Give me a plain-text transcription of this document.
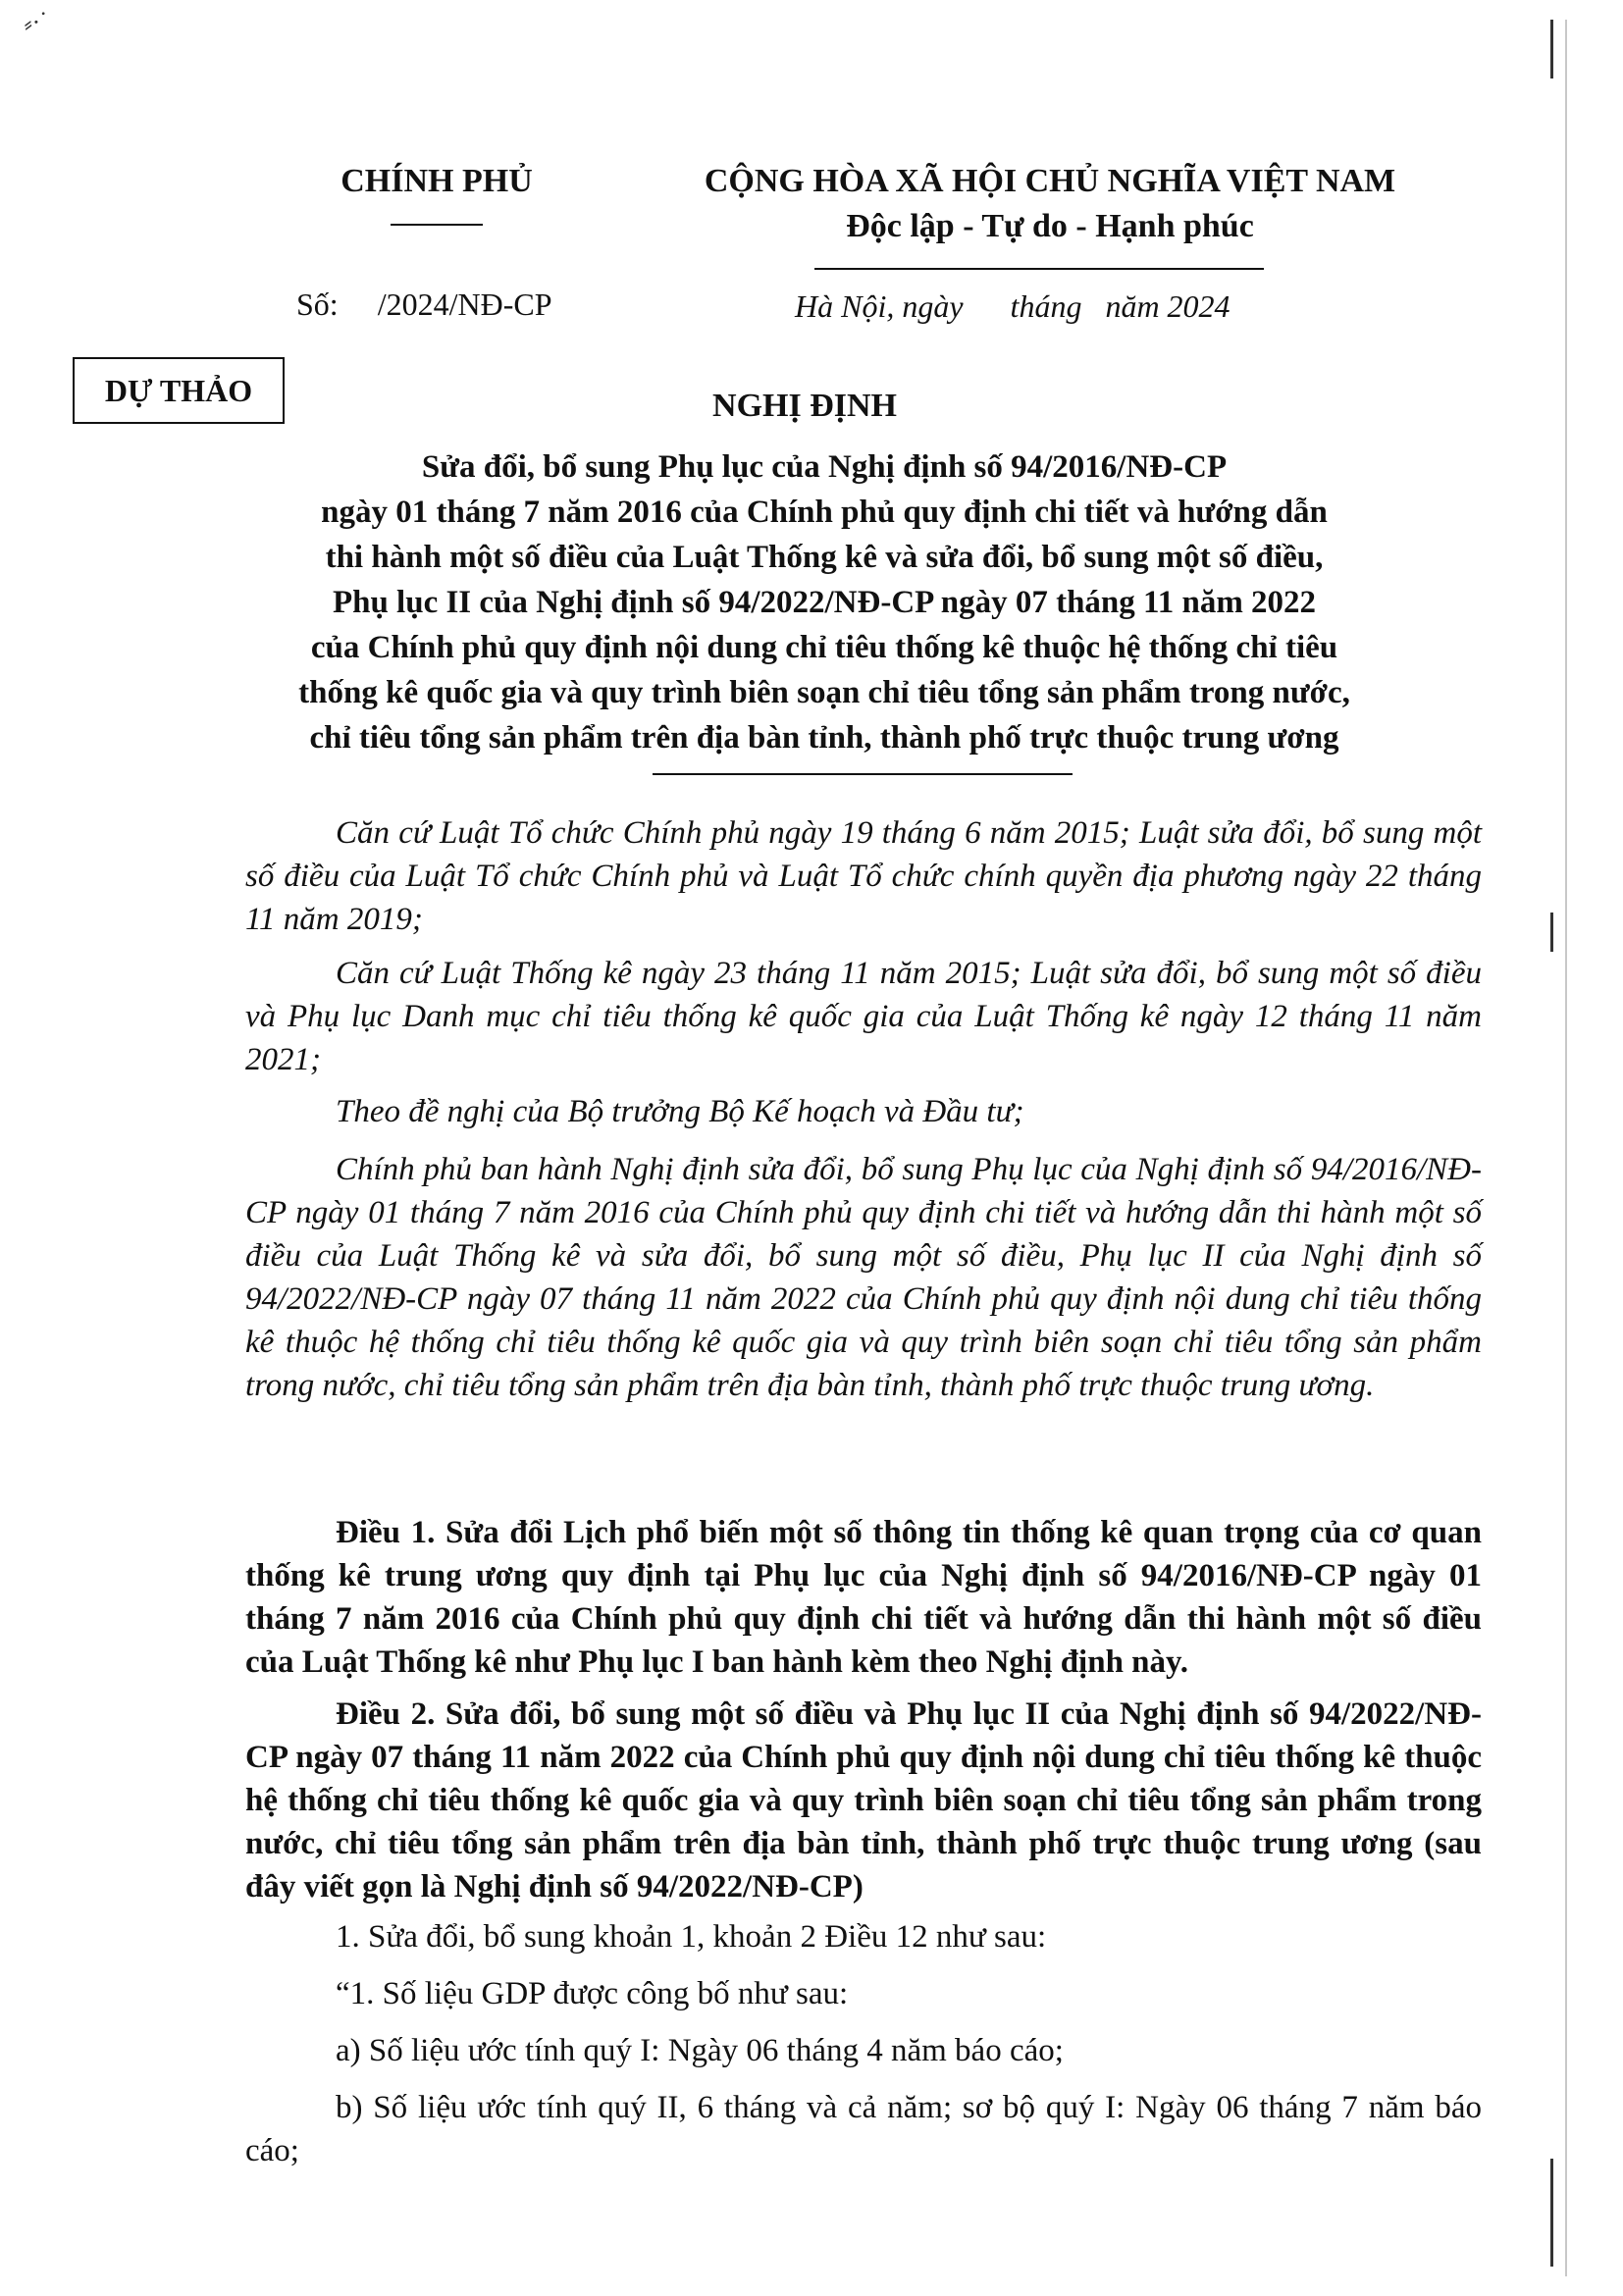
⸗·˙
CHÍNH PHỦ	CỘNG HÒA XÃ HỘI CHỦ NGHĨA VIỆT NAM
Độc lập - Tự do - Hạnh phúc
Số:     /2024/NĐ-CP	Hà Nội, ngày      tháng   năm 2024
DỰ THẢO	NGHỊ ĐỊNH
Sửa đổi, bổ sung Phụ lục của Nghị định số 94/2016/NĐ-CP
ngày 01 tháng 7 năm 2016 của Chính phủ quy định chi tiết và hướng dẫn
thi hành một số điều của Luật Thống kê và sửa đổi, bổ sung một số điều,
Phụ lục II của Nghị định số 94/2022/NĐ-CP ngày 07 tháng 11 năm 2022
của Chính phủ quy định nội dung chỉ tiêu thống kê thuộc hệ thống chỉ tiêu
thống kê quốc gia và quy trình biên soạn chỉ tiêu tổng sản phẩm trong nước,
chỉ tiêu tổng sản phẩm trên địa bàn tỉnh, thành phố trực thuộc trung ương

Căn cứ Luật Tổ chức Chính phủ ngày 19 tháng 6 năm 2015; Luật sửa đổi, bổ sung một số điều của Luật Tổ chức Chính phủ và Luật Tổ chức chính quyền địa phương ngày 22 tháng 11 năm 2019;

Căn cứ Luật Thống kê ngày 23 tháng 11 năm 2015; Luật sửa đổi, bổ sung một số điều và Phụ lục Danh mục chỉ tiêu thống kê quốc gia của Luật Thống kê ngày 12 tháng 11 năm 2021;

Theo đề nghị của Bộ trưởng Bộ Kế hoạch và Đầu tư;

Chính phủ ban hành Nghị định sửa đổi, bổ sung Phụ lục của Nghị định số 94/2016/NĐ-CP ngày 01 tháng 7 năm 2016 của Chính phủ quy định chi tiết và hướng dẫn thi hành một số điều của Luật Thống kê và sửa đổi, bổ sung một số điều, Phụ lục II của Nghị định số 94/2022/NĐ-CP ngày 07 tháng 11 năm 2022 của Chính phủ quy định nội dung chỉ tiêu thống kê thuộc hệ thống chỉ tiêu thống kê quốc gia và quy trình biên soạn chỉ tiêu tổng sản phẩm trong nước, chỉ tiêu tổng sản phẩm trên địa bàn tỉnh, thành phố trực thuộc trung ương.

Điều 1. Sửa đổi Lịch phổ biến một số thông tin thống kê quan trọng của cơ quan thống kê trung ương quy định tại Phụ lục của Nghị định số 94/2016/NĐ-CP ngày 01 tháng 7 năm 2016 của Chính phủ quy định chi tiết và hướng dẫn thi hành một số điều của Luật Thống kê như Phụ lục I ban hành kèm theo Nghị định này.

Điều 2. Sửa đổi, bổ sung một số điều và Phụ lục II của Nghị định số 94/2022/NĐ-CP ngày 07 tháng 11 năm 2022 của Chính phủ quy định nội dung chỉ tiêu thống kê thuộc hệ thống chỉ tiêu thống kê quốc gia và quy trình biên soạn chỉ tiêu tổng sản phẩm trong nước, chỉ tiêu tổng sản phẩm trên địa bàn tỉnh, thành phố trực thuộc trung ương (sau đây viết gọn là Nghị định số 94/2022/NĐ-CP)

1. Sửa đổi, bổ sung khoản 1, khoản 2 Điều 12 như sau:

“1. Số liệu GDP được công bố như sau:

a) Số liệu ước tính quý I: Ngày 06 tháng 4 năm báo cáo;

b) Số liệu ước tính quý II, 6 tháng và cả năm; sơ bộ quý I: Ngày 06 tháng 7 năm báo cáo;
